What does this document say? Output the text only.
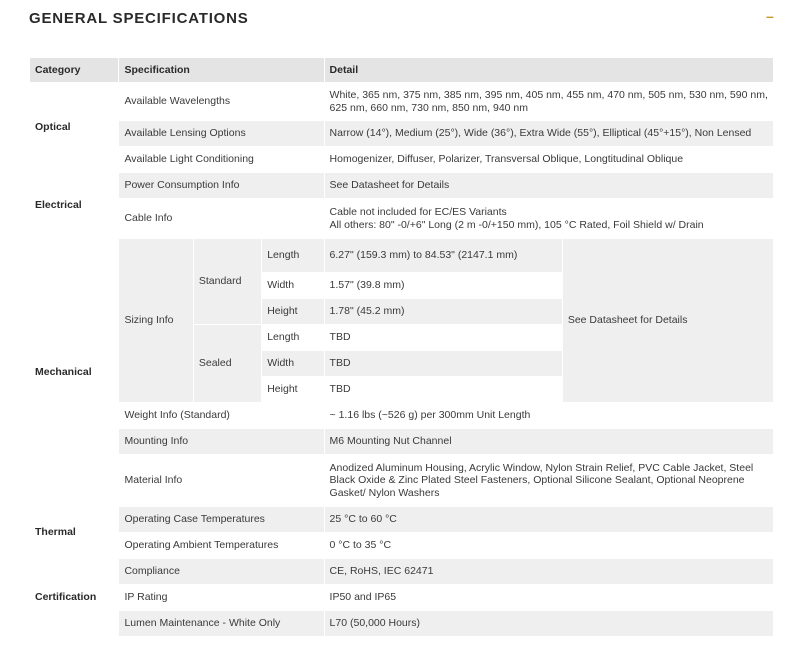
GENERAL SPECIFICATIONS	–
Category	Specification			Detail	
Optical	Available Wavelengths			White, 365 nm, 375 nm, 385 nm, 395 nm, 405 nm, 455 nm, 470 nm, 505 nm, 530 nm, 590 nm, 625 nm, 660 nm, 730 nm, 850 nm, 940 nm	
	Available Lensing Options			Narrow (14°), Medium (25°), Wide (36°), Extra Wide (55°), Elliptical (45°+15°), Non Lensed	
	Available Light Conditioning			Homogenizer, Diffuser, Polarizer, Transversal Oblique, Longtitudinal Oblique	
Electrical	Power Consumption Info			See Datasheet for Details	
	Cable Info			Cable not included for EC/ES Variants
All others: 80" -0/+6" Long (2 m -0/+150 mm), 105 °C Rated, Foil Shield w/ Drain	

Mechanical	Sizing Info	Standard	Length	6.27" (159.3 mm) to 84.53" (2147.1 mm)	See Datasheet for Details
			Width	1.57" (39.8 mm)	
			Height	1.78" (45.2 mm)	
		Sealed	Length	TBD	
			Width	TBD	
			Height	TBD	
	Weight Info (Standard)			~ 1.16 lbs (~526 g) per 300mm Unit Length	
	Mounting Info			M6 Mounting Nut Channel	
	Material Info			Anodized Aluminum Housing, Acrylic Window, Nylon Strain Relief, PVC Cable Jacket, Steel Black Oxide & Zinc Plated Steel Fasteners, Optional Silicone Sealant, Optional Neoprene Gasket/ Nylon Washers	
Thermal	Operating Case Temperatures			25 °C to 60 °C	
	Operating Ambient Temperatures			0 °C to 35 °C	
Certification	Compliance			CE, RoHS, IEC 62471	
	IP Rating			IP50 and IP65	
	Lumen Maintenance - White Only			L70 (50,000 Hours)	
